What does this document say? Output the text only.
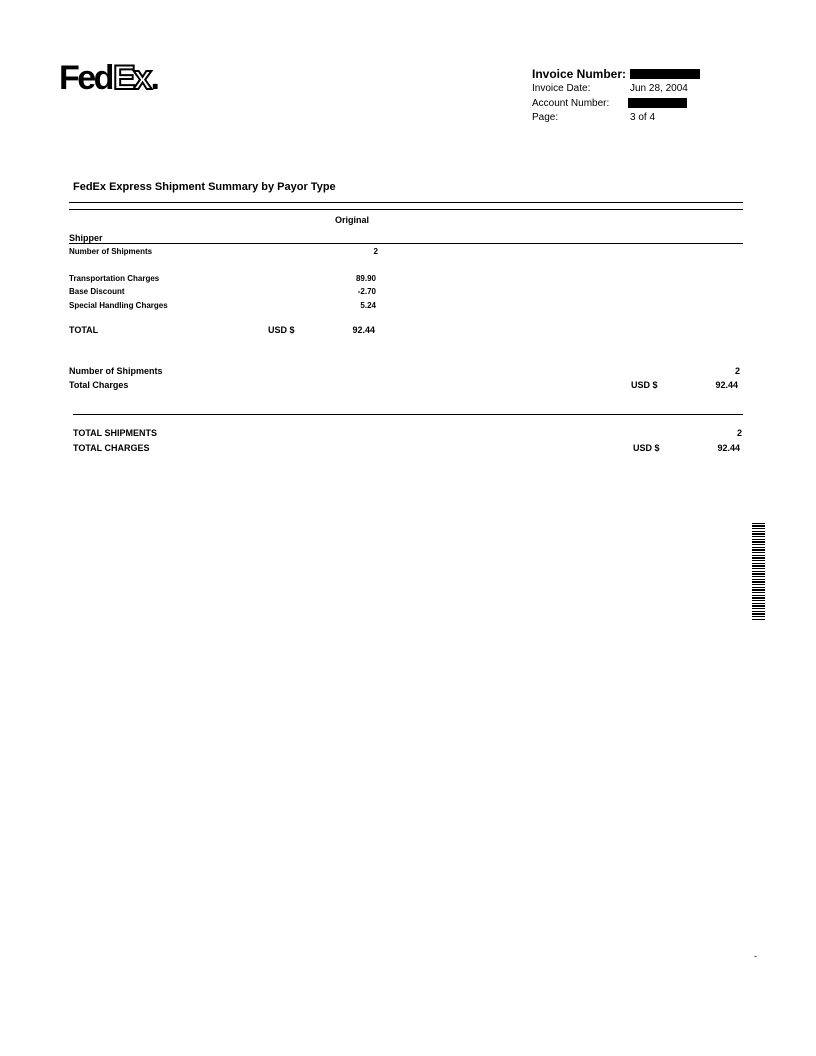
FedEx.	Invoice Number:
Invoice Date:	Jun 28, 2004
Account Number:
Page:	3 of 4
FedEx Express Shipment Summary by Payor Type
Original
Shipper
Number of Shipments	2
Transportation Charges	89.90
Base Discount	-2.70
Special Handling Charges	5.24
TOTAL	USD $	92.44
Number of Shipments	2
Total Charges	USD $	92.44
TOTAL SHIPMENTS	2
TOTAL CHARGES	USD $	92.44
-
